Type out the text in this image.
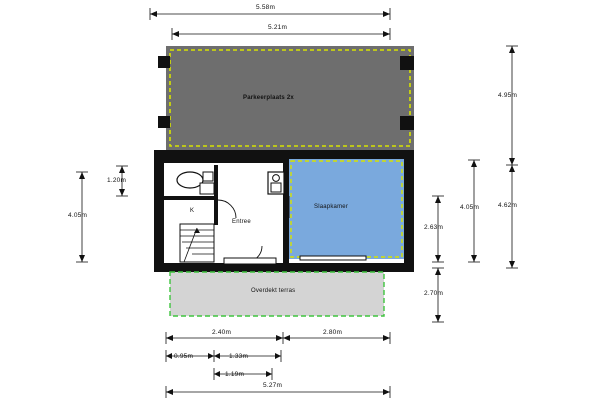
Parkeerplaats 2x
Slaapkamer
Entree
K
Overdekt terras
5.58m
5.21m
4.95m
4.62m
4.05m
2.63m
2.70m
1.20m
4.05m
2.40m	2.80m
0.95m	1.33m
1.19m
5.27m
